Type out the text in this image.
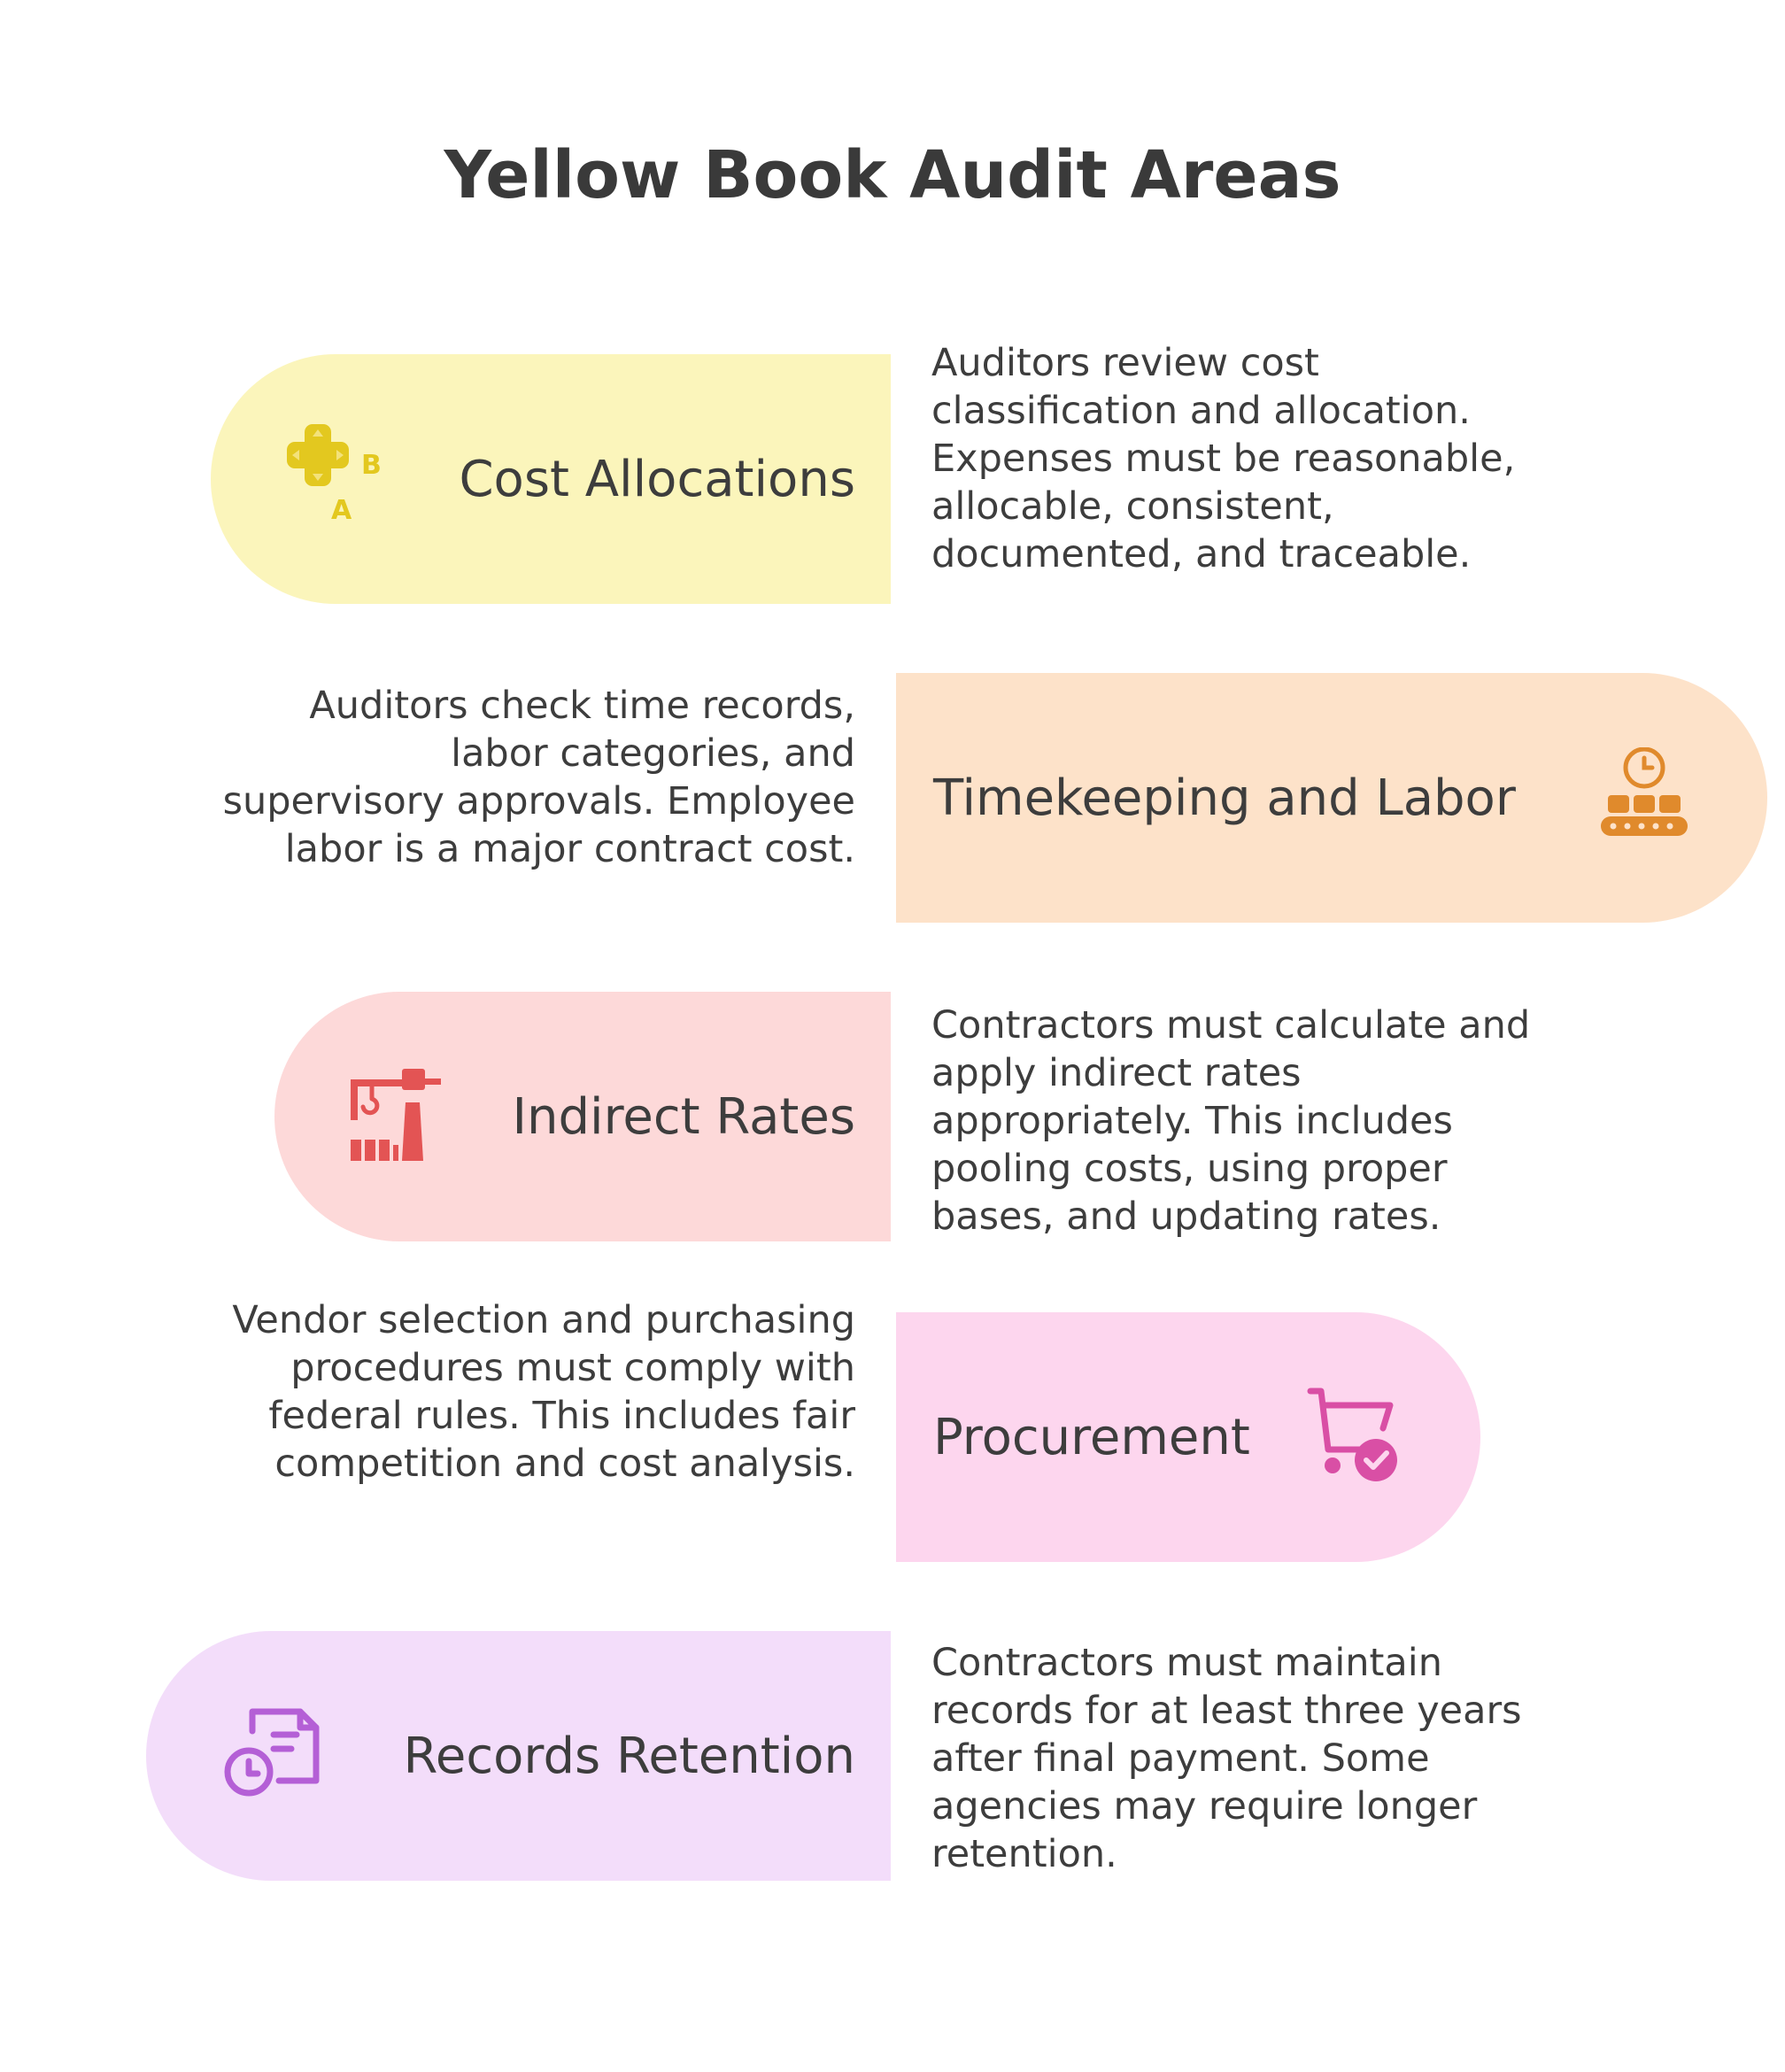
Yellow Book Audit Areas
B
A
Cost Allocations

Auditors review cost classification and allocation. Expenses must be reasonable, allocable, consistent, documented, and traceable.

Timekeeping and Labor

Auditors check time records, labor categories, and supervisory approvals. Employee labor is a major contract cost.

Indirect Rates

Contractors must calculate and apply indirect rates appropriately. This includes pooling costs, using proper bases, and updating rates.

Procurement

Vendor selection and purchasing procedures must comply with federal rules. This includes fair competition and cost analysis.

Records Retention

Contractors must maintain records for at least three years after final payment. Some agencies may require longer retention.
